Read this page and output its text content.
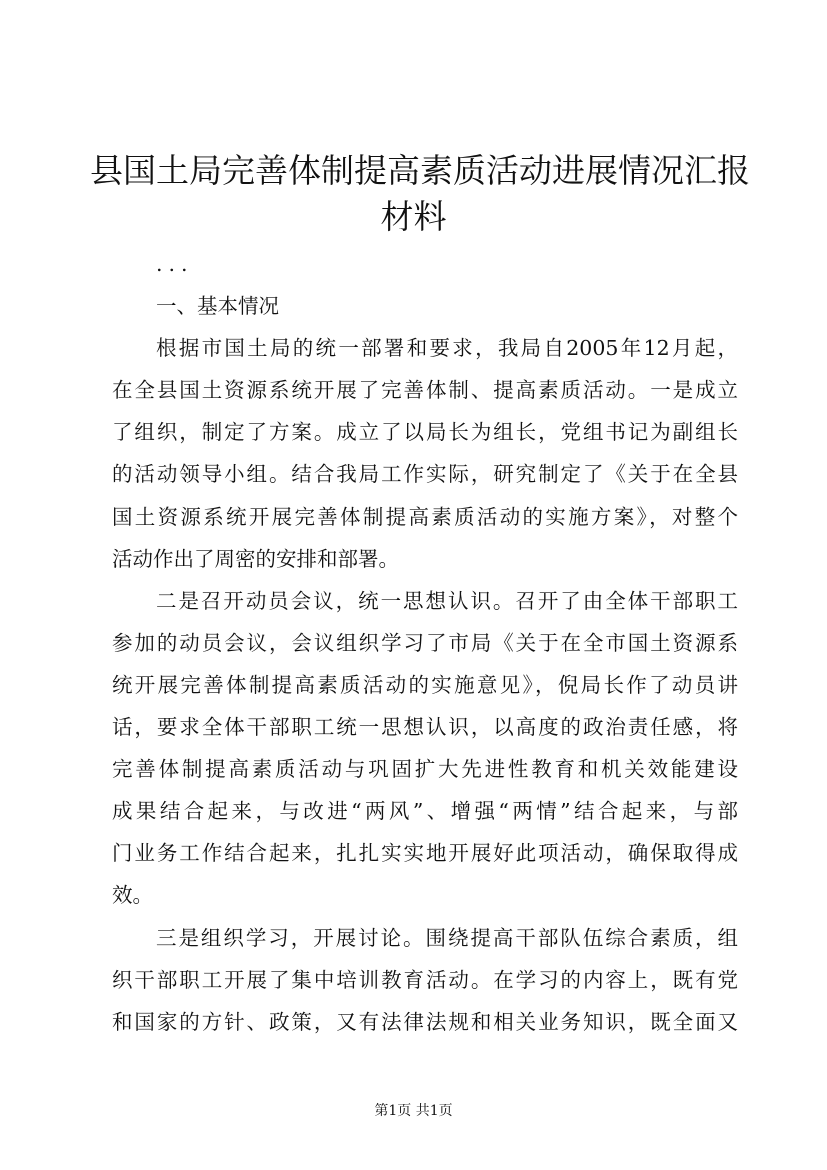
县国土局完善体制提高素质活动进展情况汇报
材料
...
一、基本情况
根据市国土局的统一部署和要求，我局自2005年12月起，
在全县国土资源系统开展了完善体制、提高素质活动。一是成立
了组织，制定了方案。成立了以局长为组长，党组书记为副组长
的活动领导小组。结合我局工作实际，研究制定了《关于在全县
国土资源系统开展完善体制提高素质活动的实施方案》，对整个
活动作出了周密的安排和部署。
二是召开动员会议，统一思想认识。召开了由全体干部职工
参加的动员会议，会议组织学习了市局《关于在全市国土资源系
统开展完善体制提高素质活动的实施意见》，倪局长作了动员讲
话，要求全体干部职工统一思想认识，以高度的政治责任感，将
完善体制提高素质活动与巩固扩大先进性教育和机关效能建设
成果结合起来，与改进“两风”、增强“两情”结合起来，与部
门业务工作结合起来，扎扎实实地开展好此项活动，确保取得成
效。
三是组织学习，开展讨论。围绕提高干部队伍综合素质，组
织干部职工开展了集中培训教育活动。在学习的内容上，既有党
和国家的方针、政策，又有法律法规和相关业务知识，既全面又
第1页 共1页
